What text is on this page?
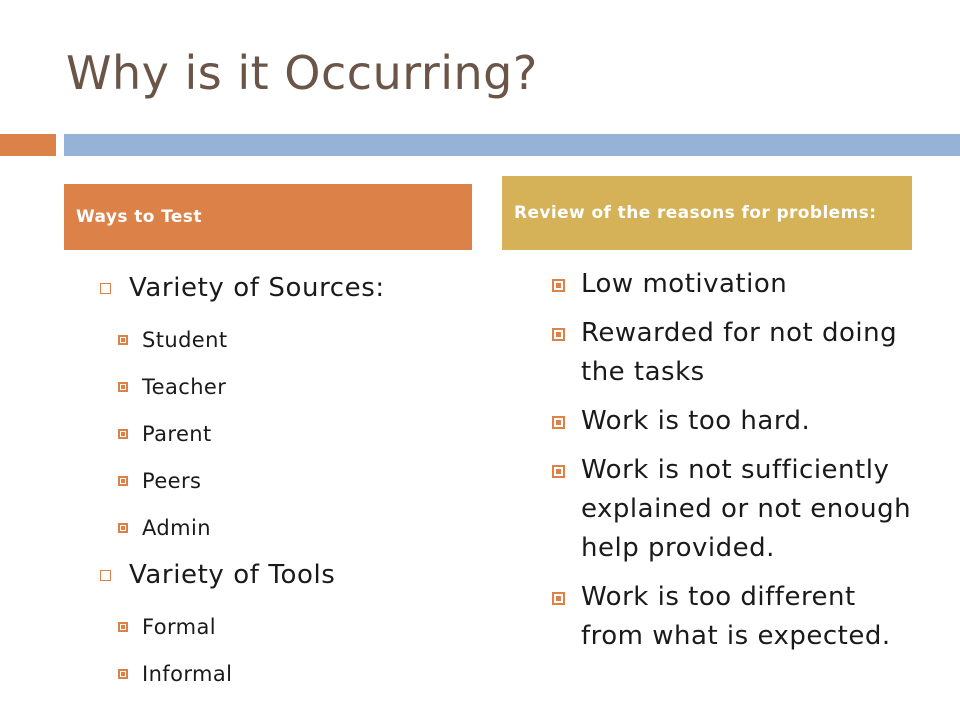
Why is it Occurring?
Ways to Test	Review of the reasons for problems:
Variety of Sources:
Student
Teacher
Parent
Peers
Admin
Variety of Tools
Formal
Informal
Low motivation
Rewarded for not doing the tasks
Work is too hard.
Work is not sufficiently explained or not enough help provided.
Work is too different from what is expected.
